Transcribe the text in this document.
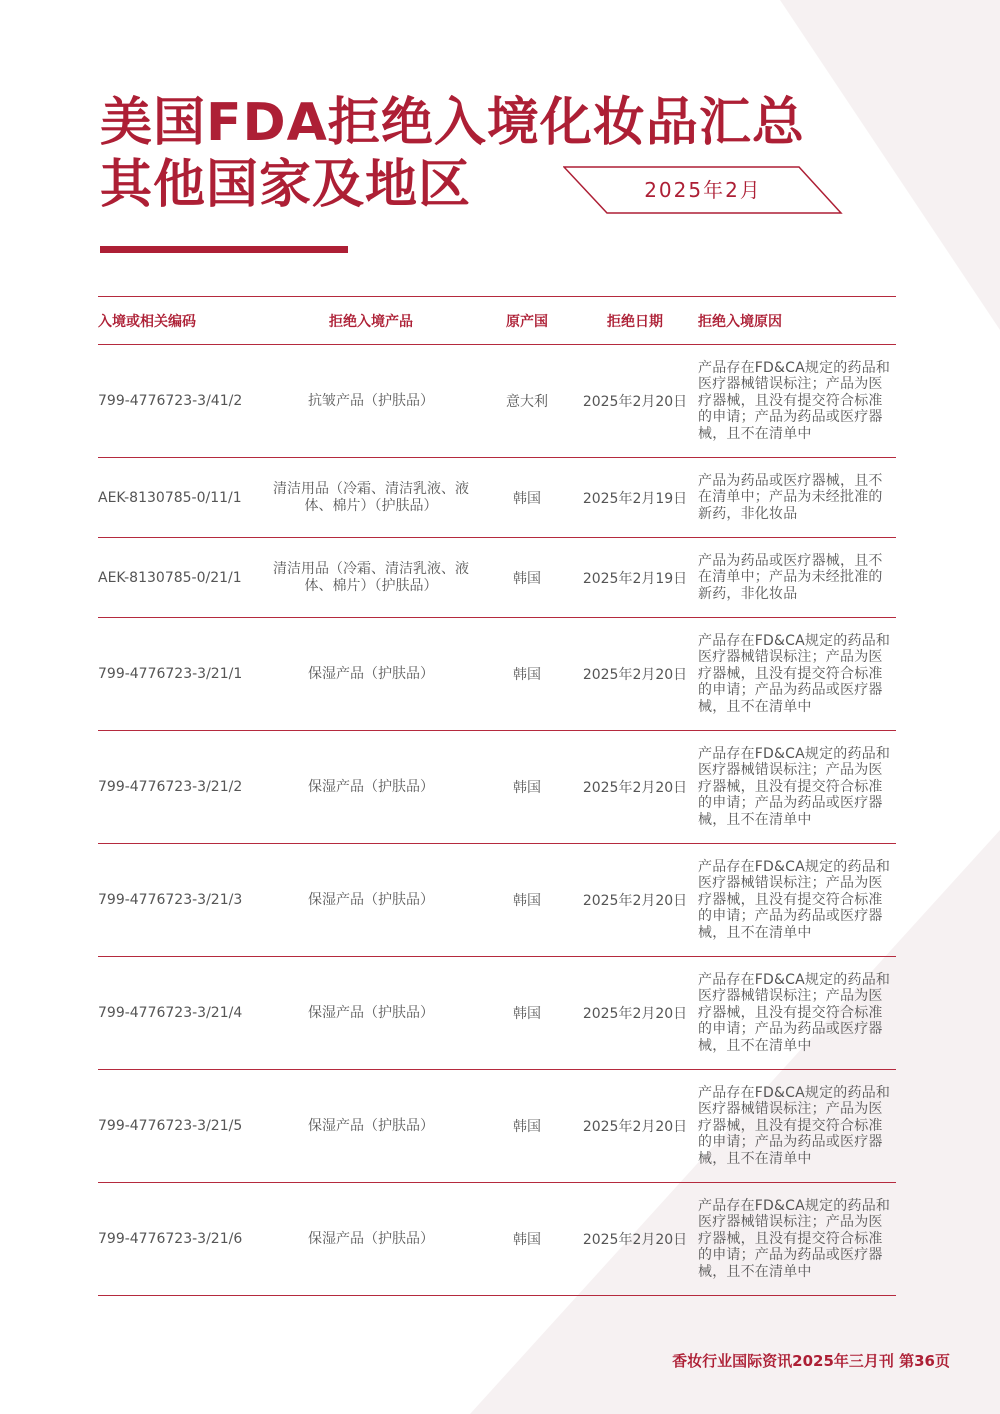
美国FDA拒绝入境化妆品汇总
其他国家及地区	2025年2月
入境或相关编码	拒绝入境产品	原产国	拒绝日期	拒绝入境原因
799-4776723-3/41/2	抗皱产品（护肤品）	意大利	2025年2月20日	产品存在FD&CA规定的药品和医疗器械错误标注；产品为医疗器械，且没有提交符合标准的申请；产品为药品或医疗器械，且不在清单中

AEK-8130785-0/11/1	清洁用品（冷霜、清洁乳液、液体、棉片）（护肤品）	韩国	2025年2月19日	产品为药品或医疗器械，且不在清单中；产品为未经批准的新药，非化妆品

AEK-8130785-0/21/1	清洁用品（冷霜、清洁乳液、液体、棉片）（护肤品）	韩国	2025年2月19日	产品为药品或医疗器械，且不在清单中；产品为未经批准的新药，非化妆品

799-4776723-3/21/1	保湿产品（护肤品）	韩国	2025年2月20日	产品存在FD&CA规定的药品和医疗器械错误标注；产品为医疗器械，且没有提交符合标准的申请；产品为药品或医疗器械，且不在清单中

799-4776723-3/21/2	保湿产品（护肤品）	韩国	2025年2月20日	产品存在FD&CA规定的药品和医疗器械错误标注；产品为医疗器械，且没有提交符合标准的申请；产品为药品或医疗器械，且不在清单中

799-4776723-3/21/3	保湿产品（护肤品）	韩国	2025年2月20日	产品存在FD&CA规定的药品和医疗器械错误标注；产品为医疗器械，且没有提交符合标准的申请；产品为药品或医疗器械，且不在清单中

799-4776723-3/21/4	保湿产品（护肤品）	韩国	2025年2月20日	产品存在FD&CA规定的药品和医疗器械错误标注；产品为医疗器械，且没有提交符合标准的申请；产品为药品或医疗器械，且不在清单中

799-4776723-3/21/5	保湿产品（护肤品）	韩国	2025年2月20日	产品存在FD&CA规定的药品和医疗器械错误标注；产品为医疗器械，且没有提交符合标准的申请；产品为药品或医疗器械，且不在清单中

799-4776723-3/21/6	保湿产品（护肤品）	韩国	2025年2月20日	产品存在FD&CA规定的药品和医疗器械错误标注；产品为医疗器械，且没有提交符合标准的申请；产品为药品或医疗器械，且不在清单中
香妆行业国际资讯2025年三月刊 第36页
